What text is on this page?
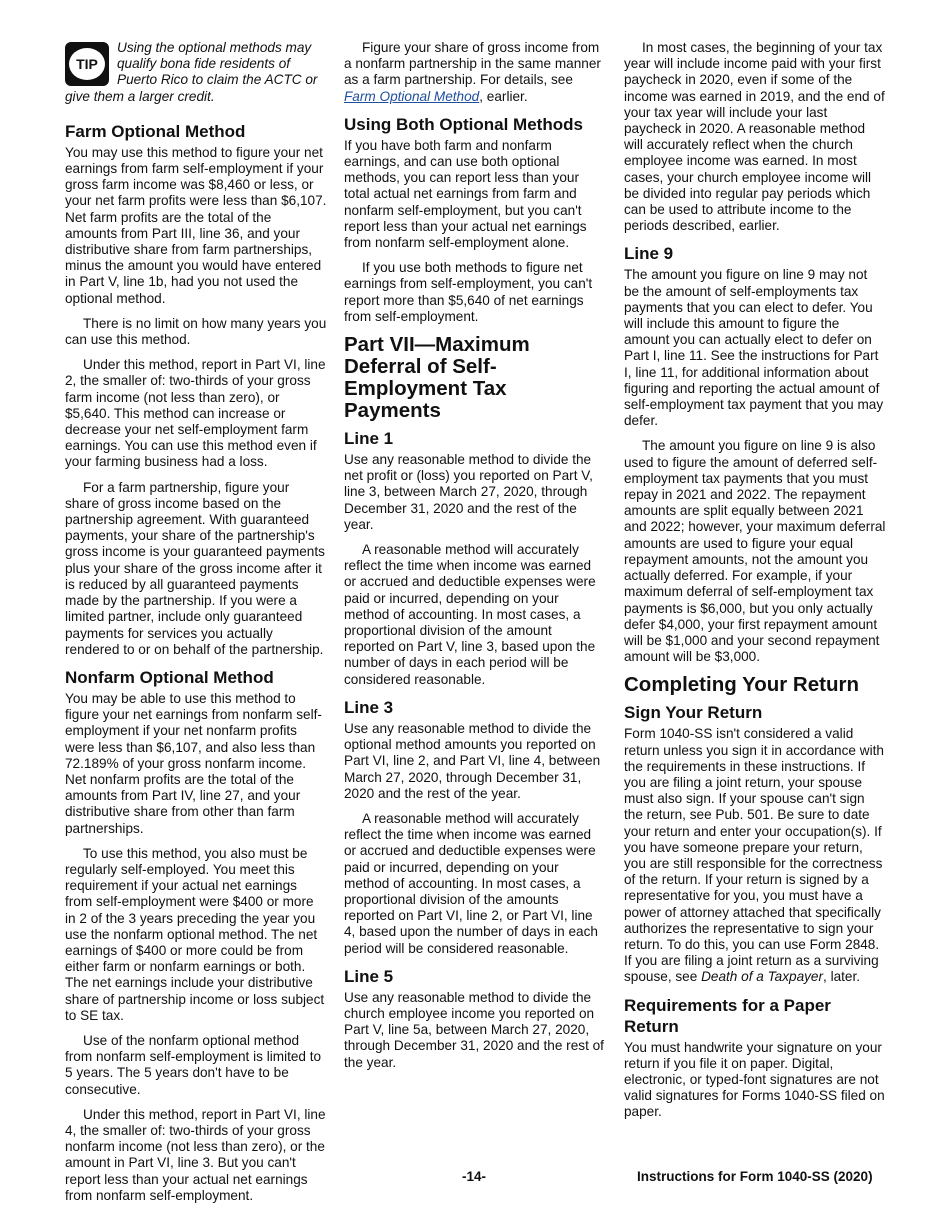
TIP

Using the optional methods may qualify bona fide residents of Puerto Rico to claim the ACTC or give them a larger credit.

Farm Optional Method

You may use this method to figure your net earnings from farm self-employment if your gross farm income was $8,460 or less, or your net farm profits were less than $6,107. Net farm profits are the total of the amounts from Part III, line 36, and your distributive share from farm partnerships, minus the amount you would have entered in Part V, line 1b, had you not used the optional method.

There is no limit on how many years you can use this method.

Under this method, report in Part VI, line 2, the smaller of: two-thirds of your gross farm income (not less than zero), or $5,640. This method can increase or decrease your net self-employment farm earnings. You can use this method even if your farming business had a loss.

For a farm partnership, figure your share of gross income based on the partnership agreement. With guaranteed payments, your share of the partnership's gross income is your guaranteed payments plus your share of the gross income after it is reduced by all guaranteed payments made by the partnership. If you were a limited partner, include only guaranteed payments for services you actually rendered to or on behalf of the partnership.

Nonfarm Optional Method

You may be able to use this method to figure your net earnings from nonfarm self-employment if your net nonfarm profits were less than $6,107, and also less than 72.189% of your gross nonfarm income. Net nonfarm profits are the total of the amounts from Part IV, line 27, and your distributive share from other than farm partnerships.

To use this method, you also must be regularly self-employed. You meet this requirement if your actual net earnings from self-employment were $400 or more in 2 of the 3 years preceding the year you use the nonfarm optional method. The net earnings of $400 or more could be from either farm or nonfarm earnings or both. The net earnings include your distributive share of partnership income or loss subject to SE tax.

Use of the nonfarm optional method from nonfarm self-employment is limited to 5 years. The 5 years don't have to be consecutive.

Under this method, report in Part VI, line 4, the smaller of: two-thirds of your gross nonfarm income (not less than zero), or the amount in Part VI, line 3. But you can't report less than your actual net earnings from nonfarm self-employment.

Figure your share of gross income from a nonfarm partnership in the same manner as a farm partnership. For details, see Farm Optional Method, earlier.

Using Both Optional Methods

If you have both farm and nonfarm earnings, and can use both optional methods, you can report less than your total actual net earnings from farm and nonfarm self-employment, but you can't report less than your actual net earnings from nonfarm self-employment alone.

If you use both methods to figure net earnings from self-employment, you can't report more than $5,640 of net earnings from self-employment.

Part VII—Maximum Deferral of Self-Employment Tax Payments
Line 1

Use any reasonable method to divide the net profit or (loss) you reported on Part V, line 3, between March 27, 2020, through December 31, 2020 and the rest of the year.

A reasonable method will accurately reflect the time when income was earned or accrued and deductible expenses were paid or incurred, depending on your method of accounting. In most cases, a proportional division of the amount reported on Part V, line 3, based upon the number of days in each period will be considered reasonable.

Line 3

Use any reasonable method to divide the optional method amounts you reported on Part VI, line 2, and Part VI, line 4, between March 27, 2020, through December 31, 2020 and the rest of the year.

A reasonable method will accurately reflect the time when income was earned or accrued and deductible expenses were paid or incurred, depending on your method of accounting. In most cases, a proportional division of the amounts reported on Part VI, line 2, or Part VI, line 4, based upon the number of days in each period will be considered reasonable.

Line 5

Use any reasonable method to divide the church employee income you reported on Part V, line 5a, between March 27, 2020, through December 31, 2020 and the rest of the year.

In most cases, the beginning of your tax year will include income paid with your first paycheck in 2020, even if some of the income was earned in 2019, and the end of your tax year will include your last paycheck in 2020. A reasonable method will accurately reflect when the church employee income was earned. In most cases, your church employee income will be divided into regular pay periods which can be used to attribute income to the periods described, earlier.

Line 9

The amount you figure on line 9 may not be the amount of self-employments tax payments that you can elect to defer. You will include this amount to figure the amount you can actually elect to defer on Part I, line 11. See the instructions for Part I, line 11, for additional information about figuring and reporting the actual amount of self-employment tax payment that you may defer.

The amount you figure on line 9 is also used to figure the amount of deferred self-employment tax payments that you must repay in 2021 and 2022. The repayment amounts are split equally between 2021 and 2022; however, your maximum deferral amounts are used to figure your equal repayment amounts, not the amount you actually deferred. For example, if your maximum deferral of self-employment tax payments is $6,000, but you only actually defer $4,000, your first repayment amount will be $1,000 and your second repayment amount will be $3,000.

Completing Your Return
Sign Your Return

Form 1040-SS isn't considered a valid return unless you sign it in accordance with the requirements in these instructions. If you are filing a joint return, your spouse must also sign. If your spouse can't sign the return, see Pub. 501. Be sure to date your return and enter your occupation(s). If you have someone prepare your return, you are still responsible for the correctness of the return. If your return is signed by a representative for you, you must have a power of attorney attached that specifically authorizes the representative to sign your return. To do this, you can use Form 2848. If you are filing a joint return as a surviving spouse, see Death of a Taxpayer, later.

Requirements for a Paper Return

You must handwrite your signature on your return if you file it on paper. Digital, electronic, or typed-font signatures are not valid signatures for Forms 1040-SS filed on paper.

-14-	Instructions for Form 1040-SS (2020)
